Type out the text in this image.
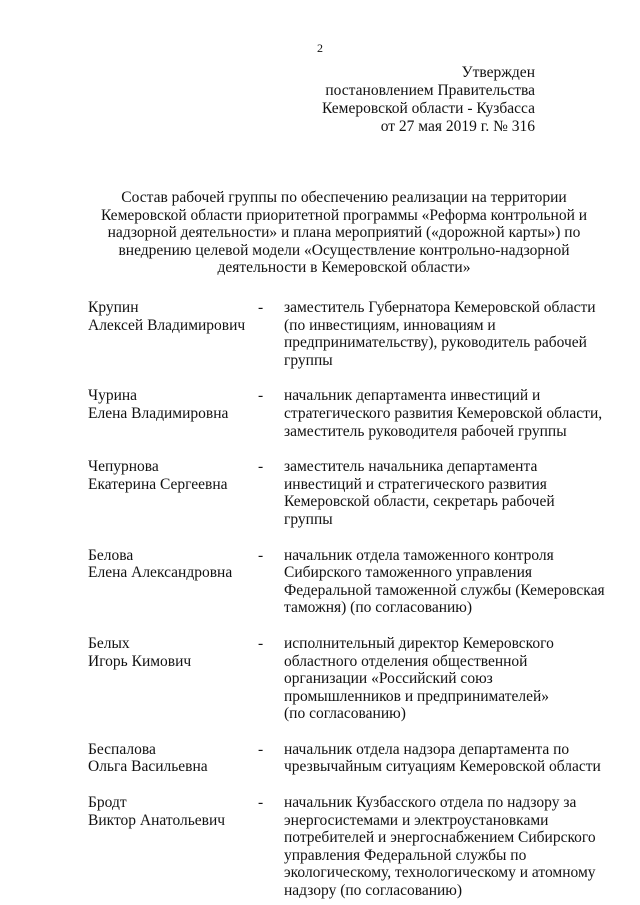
2
Утвержден
постановлением Правительства
Кемеровской области - Кузбасса
от 27 мая 2019 г. № 316
Состав рабочей группы по обеспечению реализации на территории
Кемеровской области приоритетной программы «Реформа контрольной и
надзорной деятельности» и плана мероприятий («дорожной карты») по
внедрению целевой модели «Осуществление контрольно-надзорной
деятельности в Кемеровской области»
Крупин
Алексей Владимирович
-	заместитель Губернатора Кемеровской области
(по инвестициям, инновациям и
предпринимательству), руководитель рабочей
группы
Чурина
Елена Владимировна
-	начальник департамента инвестиций и
стратегического развития Кемеровской области,
заместитель руководителя рабочей группы
Чепурнова
Екатерина Сергеевна
-	заместитель начальника департамента
инвестиций и стратегического развития
Кемеровской области, секретарь рабочей
группы
Белова
Елена Александровна
-	начальник отдела таможенного контроля
Сибирского таможенного управления
Федеральной таможенной службы (Кемеровская
таможня) (по согласованию)
Белых
Игорь Кимович
-	исполнительный директор Кемеровского
областного отделения общественной
организации «Российский союз
промышленников и предпринимателей»
(по согласованию)
Беспалова
Ольга Васильевна
-	начальник отдела надзора департамента по
чрезвычайным ситуациям Кемеровской области
Бродт
Виктор Анатольевич
-	начальник Кузбасского отдела по надзору за
энергосистемами и электроустановками
потребителей и энергоснабжением Сибирского
управления Федеральной службы по
экологическому, технологическому и атомному
надзору (по согласованию)
